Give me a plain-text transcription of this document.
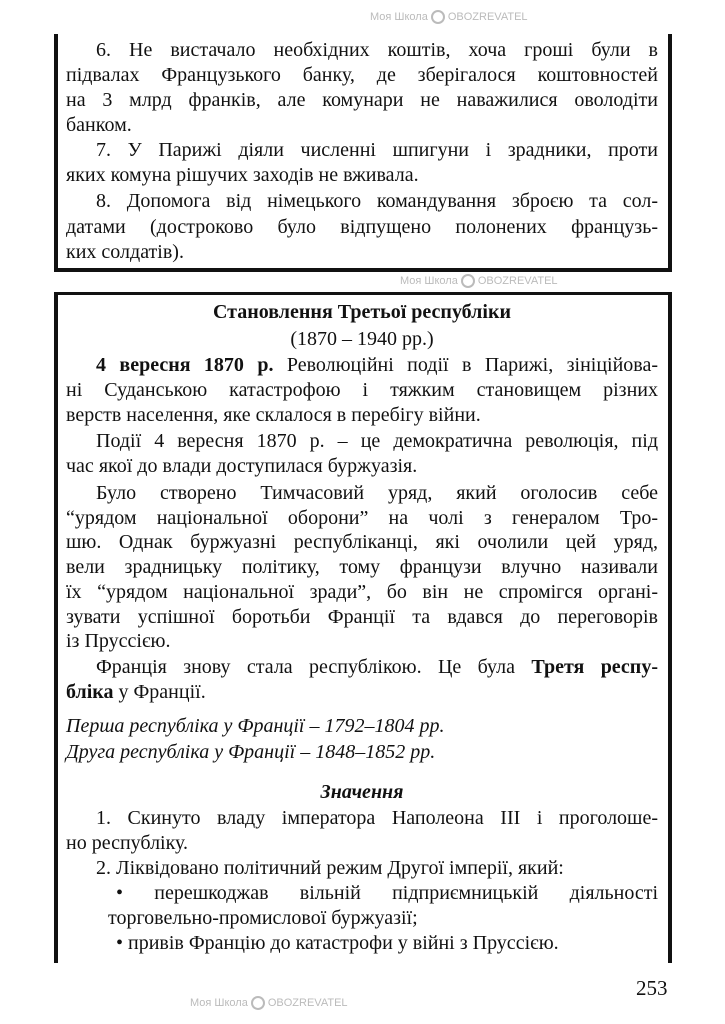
6. Не вистачало необхідних коштів, хоча гроші були в
підвалах Французького банку, де зберігалося коштовностей
на 3 млрд франків, але комунари не наважилися оволодіти
банком.
7. У Парижі діяли численні шпигуни і зрадники, проти
яких комуна рішучих заходів не вживала.
8. Допомога від німецького командування зброєю та сол-
датами (достроково було відпущено полонених французь-
ких солдатів).
Становлення Третьої республіки
(1870 – 1940 рр.)
4 вересня 1870 р. Революційні події в Парижі, зініційова-
ні Суданською катастрофою і тяжким становищем різних
верств населення, яке склалося в перебігу війни.
Події 4 вересня 1870 р. – це демократична революція, під
час якої до влади доступилася буржуазія.
Було створено Тимчасовий уряд, який оголосив себе
“урядом національної оборони” на чолі з генералом Тро-
шю. Однак буржуазні республіканці, які очолили цей уряд,
вели зрадницьку політику, тому французи влучно називали
їх “урядом національної зради”, бо він не спромігся органі-
зувати успішної боротьби Франції та вдався до переговорів
із Пруссією.
Франція знову стала республікою. Це була Третя респу-
бліка у Франції.
Перша республіка у Франції – 1792–1804 рр.
Друга республіка у Франції – 1848–1852 рр.
Значення
1. Скинуто владу імператора Наполеона III і проголоше-
но республіку.
2. Ліквідовано політичний режим Другої імперії, який:
• перешкоджав вільній підприємницькій діяльності
торговельно-промислової буржуазії;
• привів Францію до катастрофи у війні з Пруссією.
253
Моя Школа OBOZREVATEL
Моя Школа OBOZREVATEL
Моя Школа OBOZREVATEL
